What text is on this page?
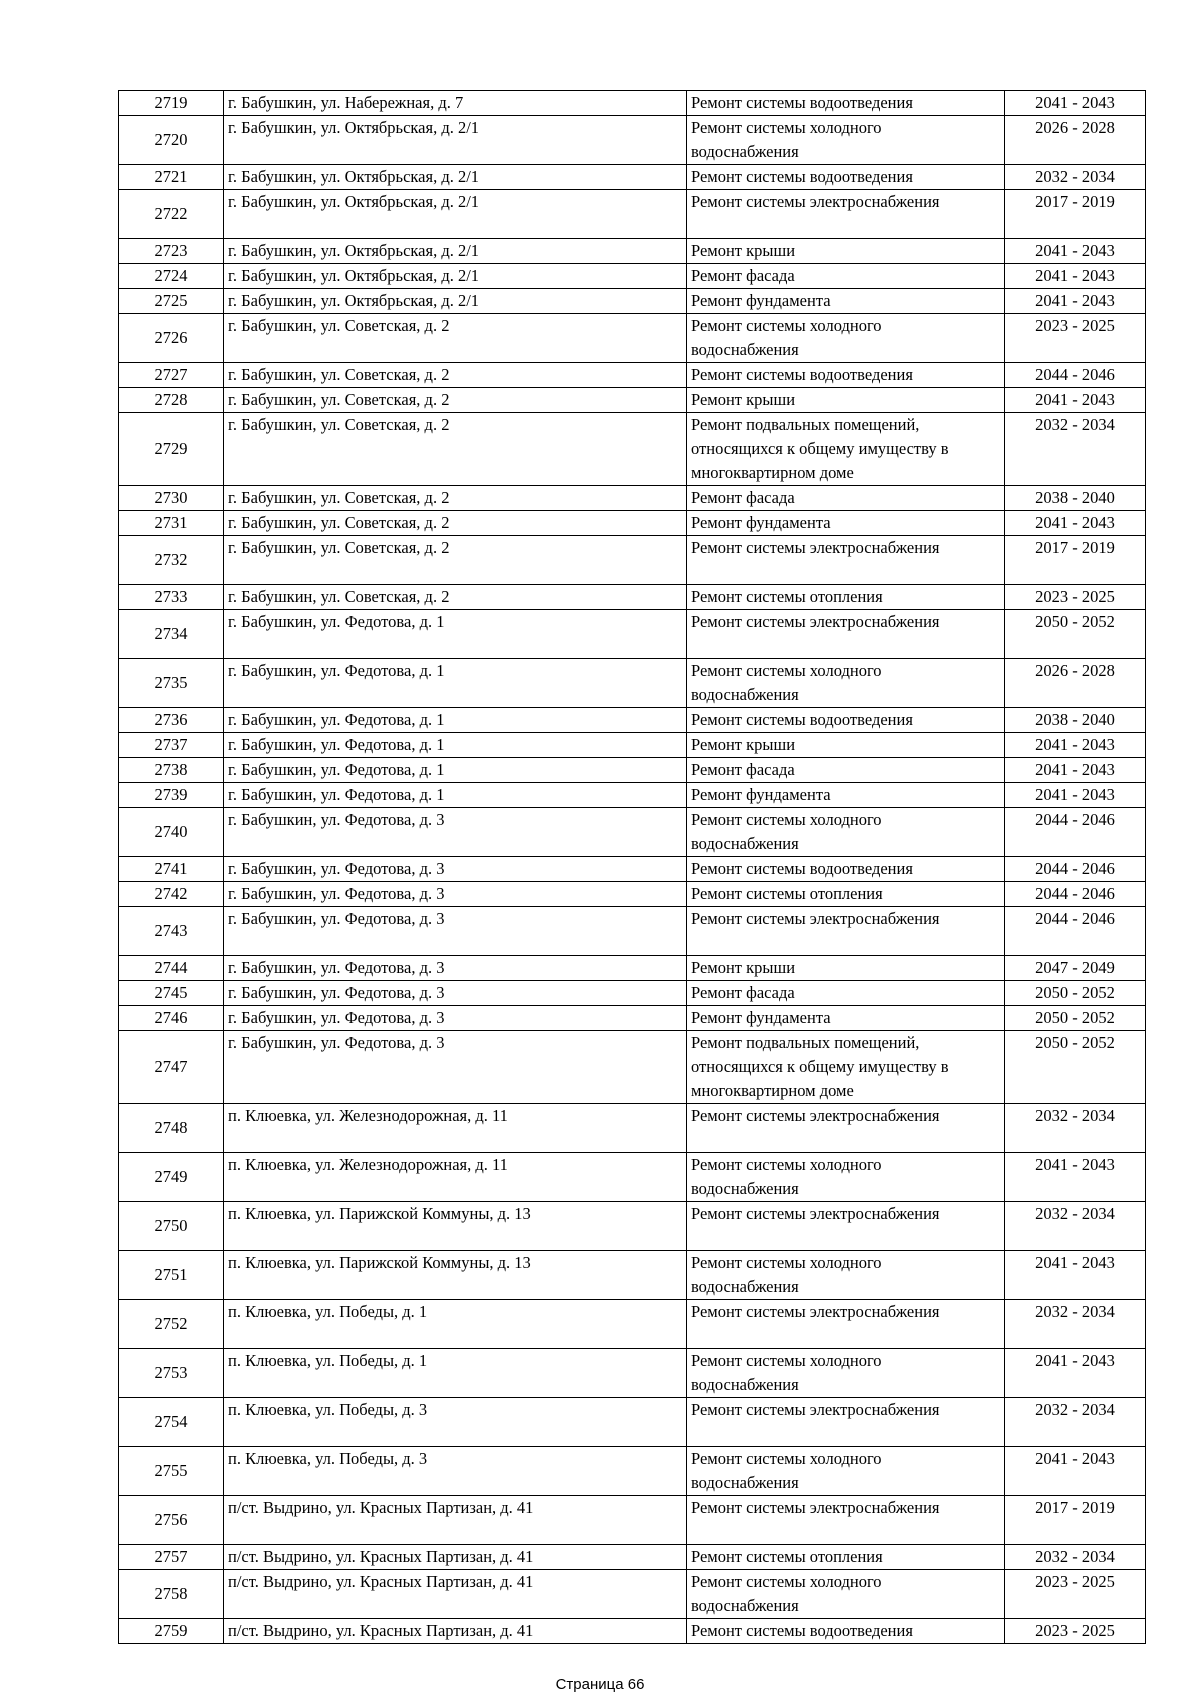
2719	г. Бабушкин, ул. Набережная, д. 7	Ремонт системы водоотведения	2041 - 2043
2720	г. Бабушкин, ул. Октябрьская, д. 2/1	Ремонт системы холодного
водоснабжения	2026 - 2028
2721	г. Бабушкин, ул. Октябрьская, д. 2/1	Ремонт системы водоотведения	2032 - 2034
2722	г. Бабушкин, ул. Октябрьская, д. 2/1	Ремонт системы электроснабжения	2017 - 2019
2723	г. Бабушкин, ул. Октябрьская, д. 2/1	Ремонт крыши	2041 - 2043
2724	г. Бабушкин, ул. Октябрьская, д. 2/1	Ремонт фасада	2041 - 2043
2725	г. Бабушкин, ул. Октябрьская, д. 2/1	Ремонт фундамента	2041 - 2043
2726	г. Бабушкин, ул. Советская, д. 2	Ремонт системы холодного
водоснабжения	2023 - 2025
2727	г. Бабушкин, ул. Советская, д. 2	Ремонт системы водоотведения	2044 - 2046
2728	г. Бабушкин, ул. Советская, д. 2	Ремонт крыши	2041 - 2043
2729	г. Бабушкин, ул. Советская, д. 2	Ремонт подвальных помещений,
относящихся к общему имуществу в
многоквартирном доме	2032 - 2034
2730	г. Бабушкин, ул. Советская, д. 2	Ремонт фасада	2038 - 2040
2731	г. Бабушкин, ул. Советская, д. 2	Ремонт фундамента	2041 - 2043
2732	г. Бабушкин, ул. Советская, д. 2	Ремонт системы электроснабжения	2017 - 2019
2733	г. Бабушкин, ул. Советская, д. 2	Ремонт системы отопления	2023 - 2025
2734	г. Бабушкин, ул. Федотова, д. 1	Ремонт системы электроснабжения	2050 - 2052
2735	г. Бабушкин, ул. Федотова, д. 1	Ремонт системы холодного
водоснабжения	2026 - 2028
2736	г. Бабушкин, ул. Федотова, д. 1	Ремонт системы водоотведения	2038 - 2040
2737	г. Бабушкин, ул. Федотова, д. 1	Ремонт крыши	2041 - 2043
2738	г. Бабушкин, ул. Федотова, д. 1	Ремонт фасада	2041 - 2043
2739	г. Бабушкин, ул. Федотова, д. 1	Ремонт фундамента	2041 - 2043
2740	г. Бабушкин, ул. Федотова, д. 3	Ремонт системы холодного
водоснабжения	2044 - 2046
2741	г. Бабушкин, ул. Федотова, д. 3	Ремонт системы водоотведения	2044 - 2046
2742	г. Бабушкин, ул. Федотова, д. 3	Ремонт системы отопления	2044 - 2046
2743	г. Бабушкин, ул. Федотова, д. 3	Ремонт системы электроснабжения	2044 - 2046
2744	г. Бабушкин, ул. Федотова, д. 3	Ремонт крыши	2047 - 2049
2745	г. Бабушкин, ул. Федотова, д. 3	Ремонт фасада	2050 - 2052
2746	г. Бабушкин, ул. Федотова, д. 3	Ремонт фундамента	2050 - 2052
2747	г. Бабушкин, ул. Федотова, д. 3	Ремонт подвальных помещений,
относящихся к общему имуществу в
многоквартирном доме	2050 - 2052
2748	п. Клюевка, ул. Железнодорожная, д. 11	Ремонт системы электроснабжения	2032 - 2034
2749	п. Клюевка, ул. Железнодорожная, д. 11	Ремонт системы холодного
водоснабжения	2041 - 2043
2750	п. Клюевка, ул. Парижской Коммуны, д. 13	Ремонт системы электроснабжения	2032 - 2034
2751	п. Клюевка, ул. Парижской Коммуны, д. 13	Ремонт системы холодного
водоснабжения	2041 - 2043
2752	п. Клюевка, ул. Победы, д. 1	Ремонт системы электроснабжения	2032 - 2034
2753	п. Клюевка, ул. Победы, д. 1	Ремонт системы холодного
водоснабжения	2041 - 2043
2754	п. Клюевка, ул. Победы, д. 3	Ремонт системы электроснабжения	2032 - 2034
2755	п. Клюевка, ул. Победы, д. 3	Ремонт системы холодного
водоснабжения	2041 - 2043
2756	п/ст. Выдрино, ул. Красных Партизан, д. 41	Ремонт системы электроснабжения	2017 - 2019
2757	п/ст. Выдрино, ул. Красных Партизан, д. 41	Ремонт системы отопления	2032 - 2034
2758	п/ст. Выдрино, ул. Красных Партизан, д. 41	Ремонт системы холодного
водоснабжения	2023 - 2025
2759	п/ст. Выдрино, ул. Красных Партизан, д. 41	Ремонт системы водоотведения	2023 - 2025
Страница 66
